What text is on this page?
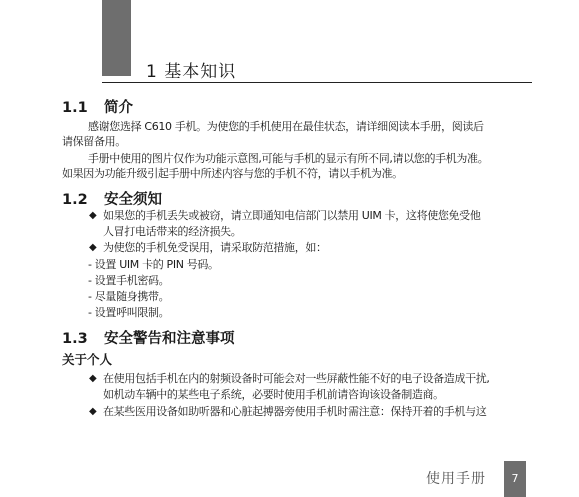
1 基本知识
1.1 简介
感谢您选择 C610 手机。为使您的手机使用在最佳状态，请详细阅读本手册，阅读后
请保留备用。
手册中使用的图片仅作为功能示意图,可能与手机的显示有所不同,请以您的手机为准。
如果因为功能升级引起手册中所述内容与您的手机不符，请以手机为准。
1.2 安全须知
◆ 如果您的手机丢失或被窃，请立即通知电信部门以禁用 UIM 卡，这将使您免受他
人冒打电话带来的经济损失。
◆ 为使您的手机免受误用，请采取防范措施，如：
- 设置 UIM 卡的 PIN 号码。
- 设置手机密码。
- 尽量随身携带。
- 设置呼叫限制。
1.3 安全警告和注意事项
关于个人
◆ 在使用包括手机在内的射频设备时可能会对一些屏蔽性能不好的电子设备造成干扰,
如机动车辆中的某些电子系统，必要时使用手机前请咨询该设备制造商。
◆ 在某些医用设备如助听器和心脏起搏器旁使用手机时需注意：保持开着的手机与这
使用手册	7
